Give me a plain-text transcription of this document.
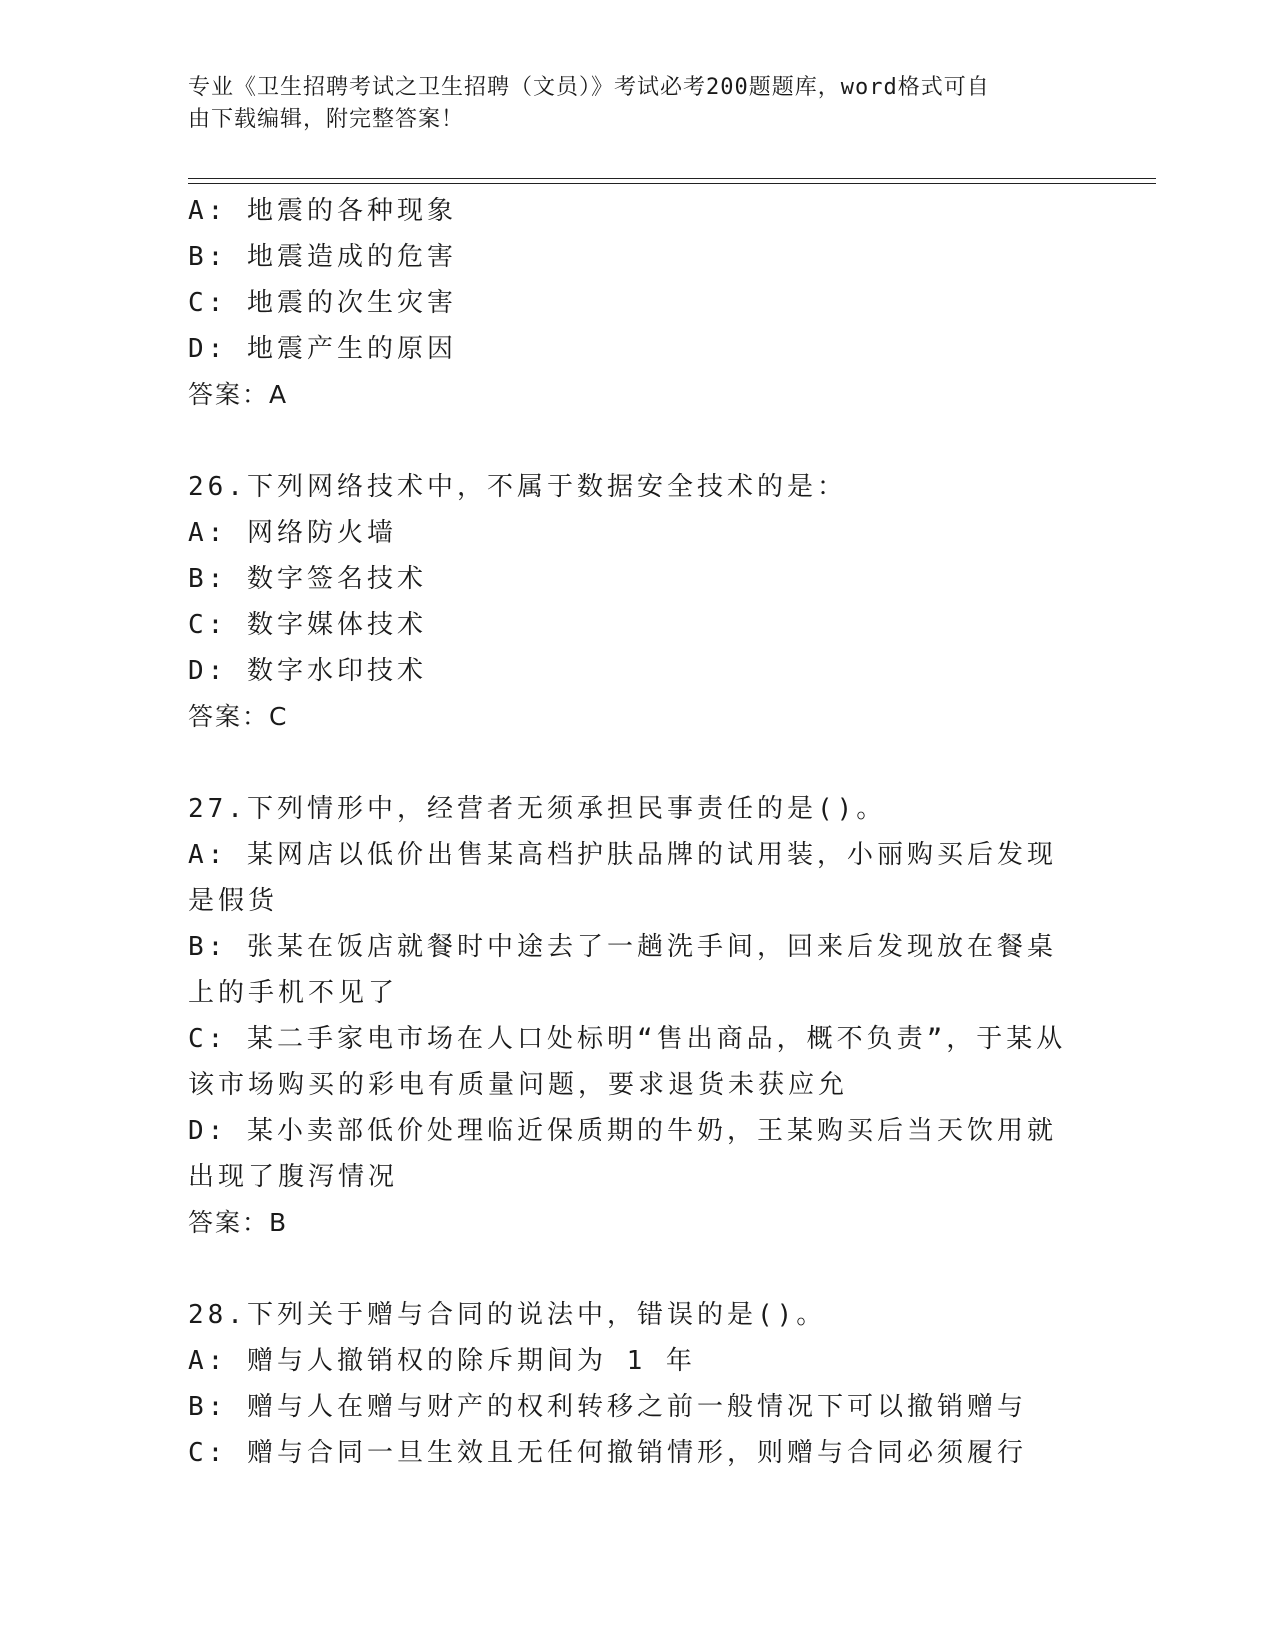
专业《卫生招聘考试之卫生招聘（文员）》考试必考200题题库，word格式可自
由下载编辑，附完整答案！
A: 地震的各种现象
B: 地震造成的危害
C: 地震的次生灾害
D: 地震产生的原因
答案：A
26.下列网络技术中，不属于数据安全技术的是：
A: 网络防火墙
B: 数字签名技术
C: 数字媒体技术
D: 数字水印技术
答案：C
27.下列情形中，经营者无须承担民事责任的是()。
A: 某网店以低价出售某高档护肤品牌的试用装，小丽购买后发现是假货
B: 张某在饭店就餐时中途去了一趟洗手间，回来后发现放在餐桌上的手机不见了
C: 某二手家电市场在人口处标明“售出商品，概不负责”，于某从该市场购买的彩电有质量问题，要求退货未获应允
D: 某小卖部低价处理临近保质期的牛奶，王某购买后当天饮用就出现了腹泻情况
答案：B
28.下列关于赠与合同的说法中，错误的是()。
A: 赠与人撤销权的除斥期间为 1 年
B: 赠与人在赠与财产的权利转移之前一般情况下可以撤销赠与
C: 赠与合同一旦生效且无任何撤销情形，则赠与合同必须履行
